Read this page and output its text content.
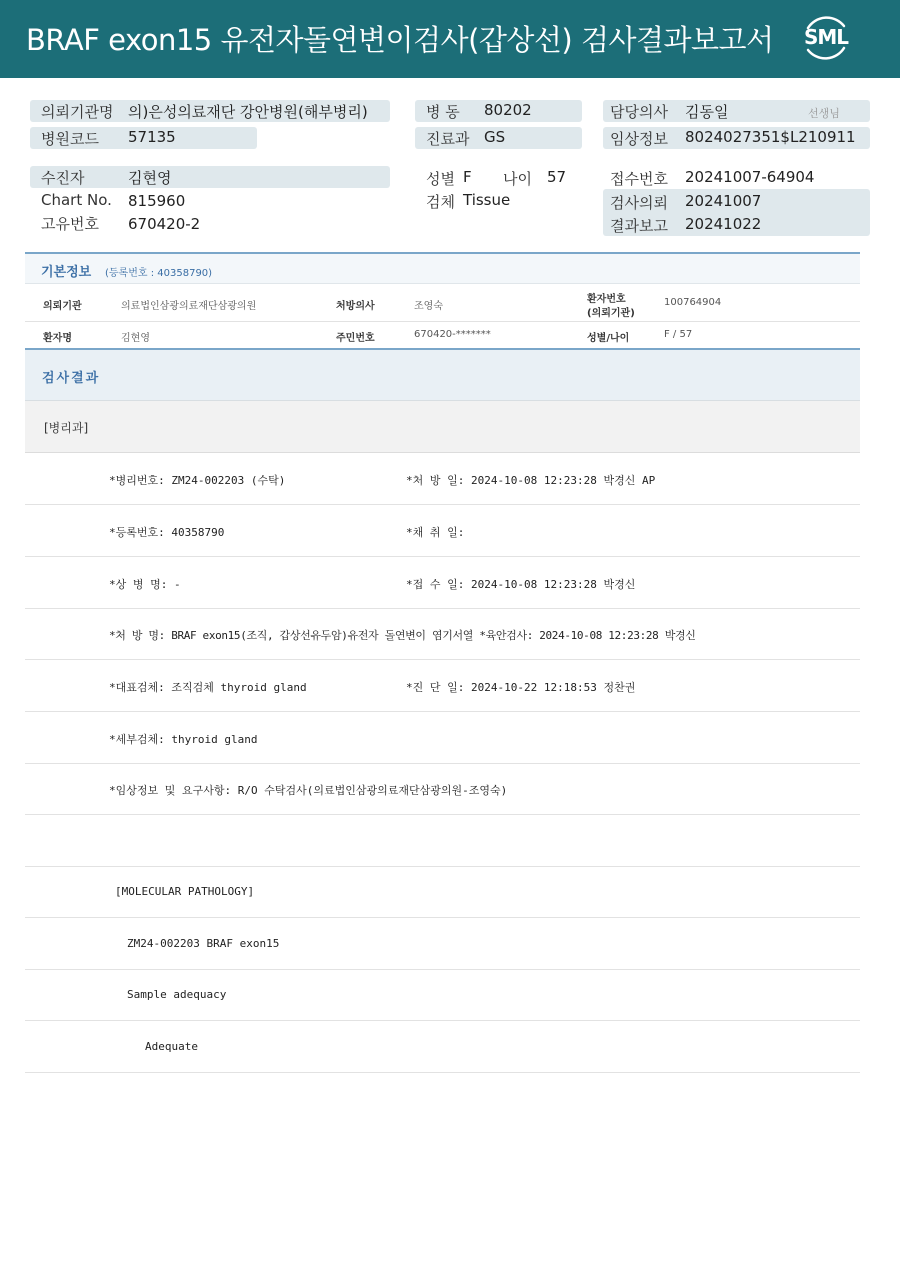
BRAF exon15 유전자돌연변이검사(갑상선) 검사결과보고서 SML
의뢰기관명 의)은성의료재단 강안병원(해부병리)
병원코드 57135
병 동 80202
진료과 GS
담당의사 김동일	선생님
임상정보 8024027351$L210911
수진자	김현영
Chart No. 815960
고유번호 670420-2
성별 F 나이 57
검체 Tissue
접수번호 20241007-64904
검사의뢰 20241007
결과보고 20241022
기본정보 (등록번호 : 40358790)
의뢰기관	의료법인삼광의료재단삼광의원	처방의사	조영숙
환자번호
(의뢰기관)
100764904
환자명	김현영	주민번호	670420-*******	성별/나이	F / 57
검사결과
[병리과]
*병리번호: ZM24-002203 (수탁)	*처 방 일: 2024-10-08 12:23:28 박경신 AP
*등록번호: 40358790	*채 취 일:
*상 병 명: -	*접 수 일: 2024-10-08 12:23:28 박경신
*처 방 명: BRAF exon15(조직, 갑상선유두암)유전자 돌연변이 염기서열 *육안검사: 2024-10-08 12:23:28 박경신
*대표검체: 조직검체 thyroid gland	*진 단 일: 2024-10-22 12:18:53 정찬권
*세부검체: thyroid gland
*임상정보 및 요구사항: R/O 수탁검사(의료법인삼광의료재단삼광의원-조영숙)
[MOLECULAR PATHOLOGY]
ZM24-002203 BRAF exon15
Sample adequacy
Adequate
